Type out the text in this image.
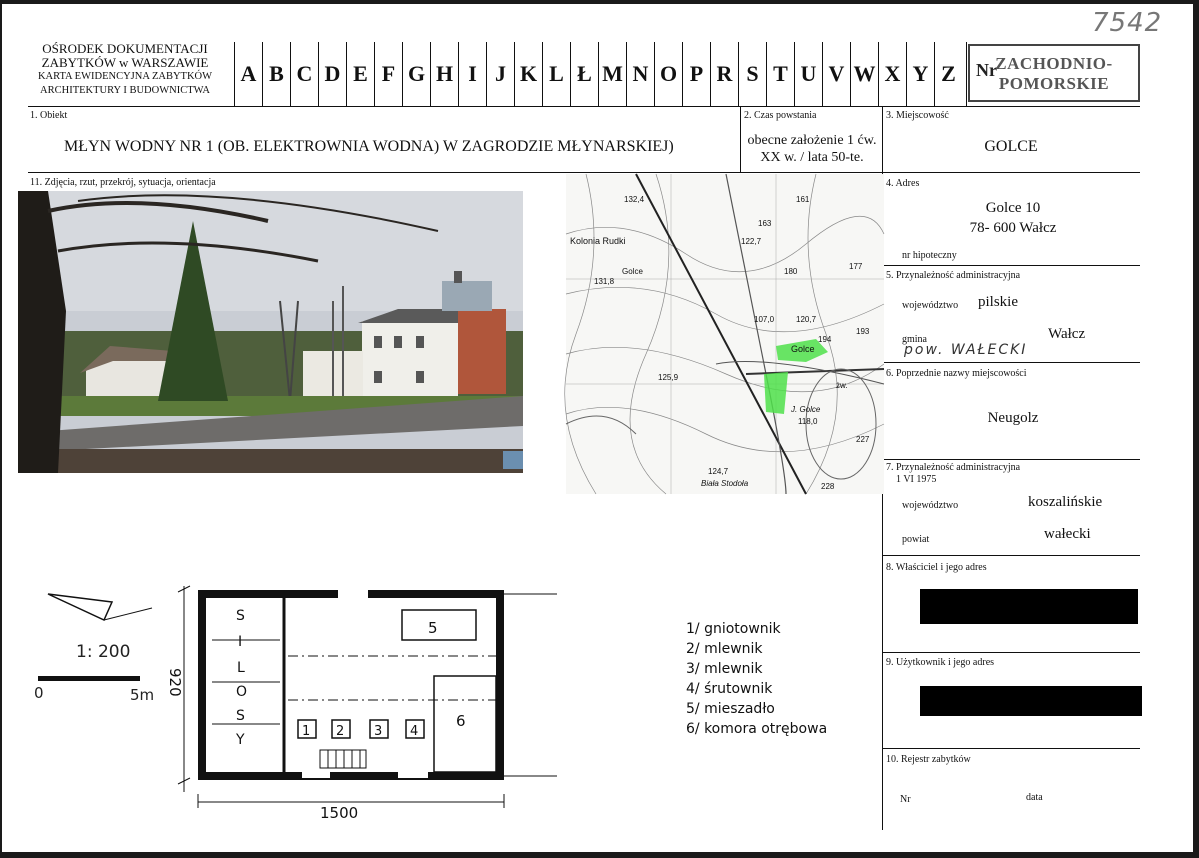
7542
OŚRODEK DOKUMENTACJI
ZABYTKÓW w WARSZAWIE
KARTA EWIDENCYJNA ZABYTKÓW
ARCHITEKTURY I BUDOWNICTWA
A B C D E F G H I J K L Ł M N O P R S T U V W X Y Z	Nr
ZACHODNIO-
POMORSKIE
1. Obiekt
MŁYN WODNY NR 1 (OB. ELEKTROWNIA WODNA) W ZAGRODZIE MŁYNARSKIEJ)
2. Czas powstania
obecne założenie 1 ćw.
XX w. / lata 50-te.
3. Miejscowość
GOLCE
11. Zdjęcia, rzut, przekrój, sytuacja, orientacja
Kolonia Rudki
Golce
J. Golce
Biała Stodoła
132,4
163
161
122,7
131,8
180
107,0
177
193
194
120,7
125,9
118,0
227
124,7
228
żw.
Golce
4. Adres
Golce 10
78- 600 Wałcz
nr hipoteczny
5. Przynależność administracyjna
województwo pilskie
gmina	Wałcz
pow. WAŁECKI
6. Poprzednie nazwy miejscowości
Neugolz
7. Przynależność administracyjna
1 VI 1975
województwo	koszalińskie
powiat	wałecki
8. Właściciel i jego adres
9. Użytkownik i jego adres
10. Rejestr zabytków
Nr	data
1: 200
0	5m
S
I
L
O
S
Y
1 2 3 4
5
6
1500
920
1/ gniotownik
2/ mlewnik
3/ mlewnik
4/ śrutownik
5/ mieszadło
6/ komora otrębowa
